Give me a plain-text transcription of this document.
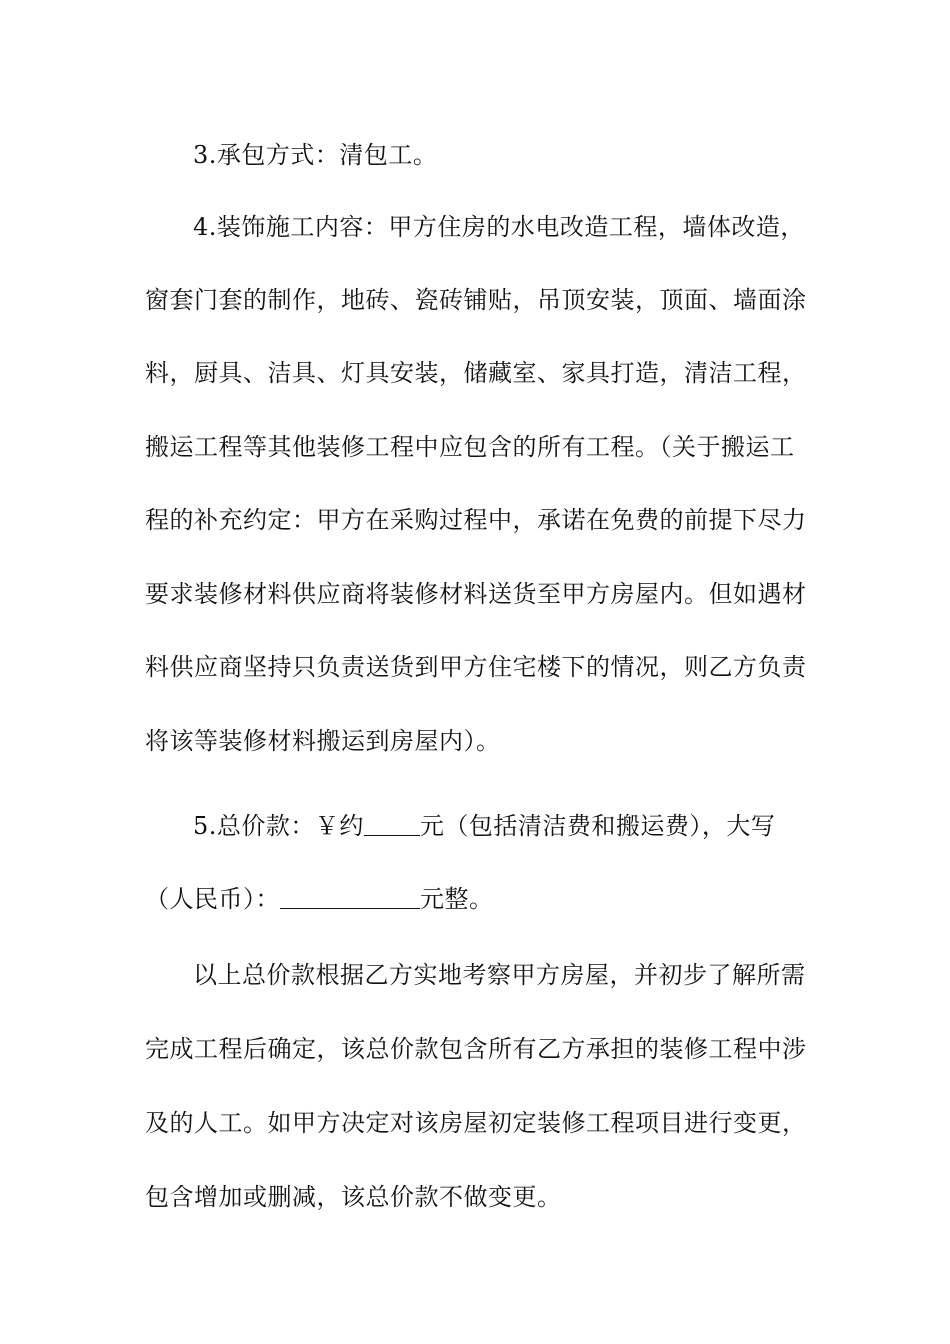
3.承包方式：清包工。
4.装饰施工内容：甲方住房的水电改造工程，墙体改造，
窗套门套的制作，地砖、瓷砖铺贴，吊顶安装，顶面、墙面涂
料，厨具、洁具、灯具安装，储藏室、家具打造，清洁工程，
搬运工程等其他装修工程中应包含的所有工程。（关于搬运工
程的补充约定：甲方在采购过程中，承诺在免费的前提下尽力
要求装修材料供应商将装修材料送货至甲方房屋内。但如遇材
料供应商坚持只负责送货到甲方住宅楼下的情况，则乙方负责
将该等装修材料搬运到房屋内）。
5.总价款：￥约 元（包括清洁费和搬运费），大写
（人民币）：	元整。
以上总价款根据乙方实地考察甲方房屋，并初步了解所需
完成工程后确定，该总价款包含所有乙方承担的装修工程中涉
及的人工。如甲方决定对该房屋初定装修工程项目进行变更，
包含增加或删减，该总价款不做变更。
